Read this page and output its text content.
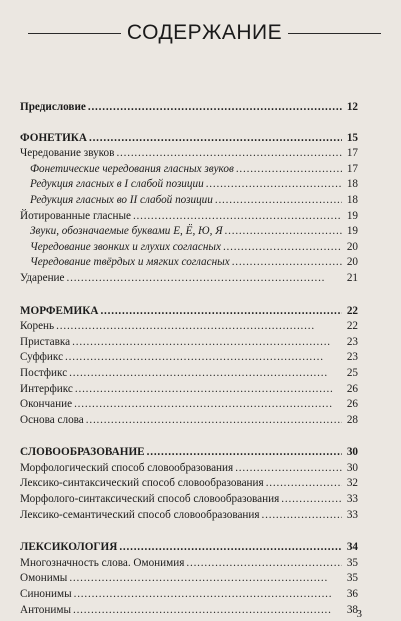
СОДЕРЖАНИЕ
Предисловие . . .	12
ФОНЕТИКА . . .	15
Чередование звуков . . .	17
Фонетические чередования гласных звуков . . .	17
Редукция гласных в I слабой позиции . . .	18
Редукция гласных во II слабой позиции . . .	18
Йотированные гласные . . .	19
Звуки, обозначаемые буквами Е, Ё, Ю, Я . . .	19
Чередование звонких и глухих согласных . . .	20
Чередование твёрдых и мягких согласных . . .	20
Ударение . . .	21
МОРФЕМИКА . . .	22
Корень . . .	22
Приставка . . .	23
Суффикс . . .	23
Постфикс . . .	25
Интерфикс . . .	26
Окончание . . .	26
Основа слова . . .	28
СЛОВООБРАЗОВАНИЕ . . .	30
Морфологический способ словообразования . . .	30
Лексико-синтаксический способ словообразования . . .	32
Морфолого-синтаксический способ словообразования . . .	33
Лексико-семантический способ словообразования . . .	33
ЛЕКСИКОЛОГИЯ . . .	34
Многозначность слова. Омонимия . . .	35
Омонимы . . .	35
Синонимы . . .	36
Антонимы . . .	38
3
